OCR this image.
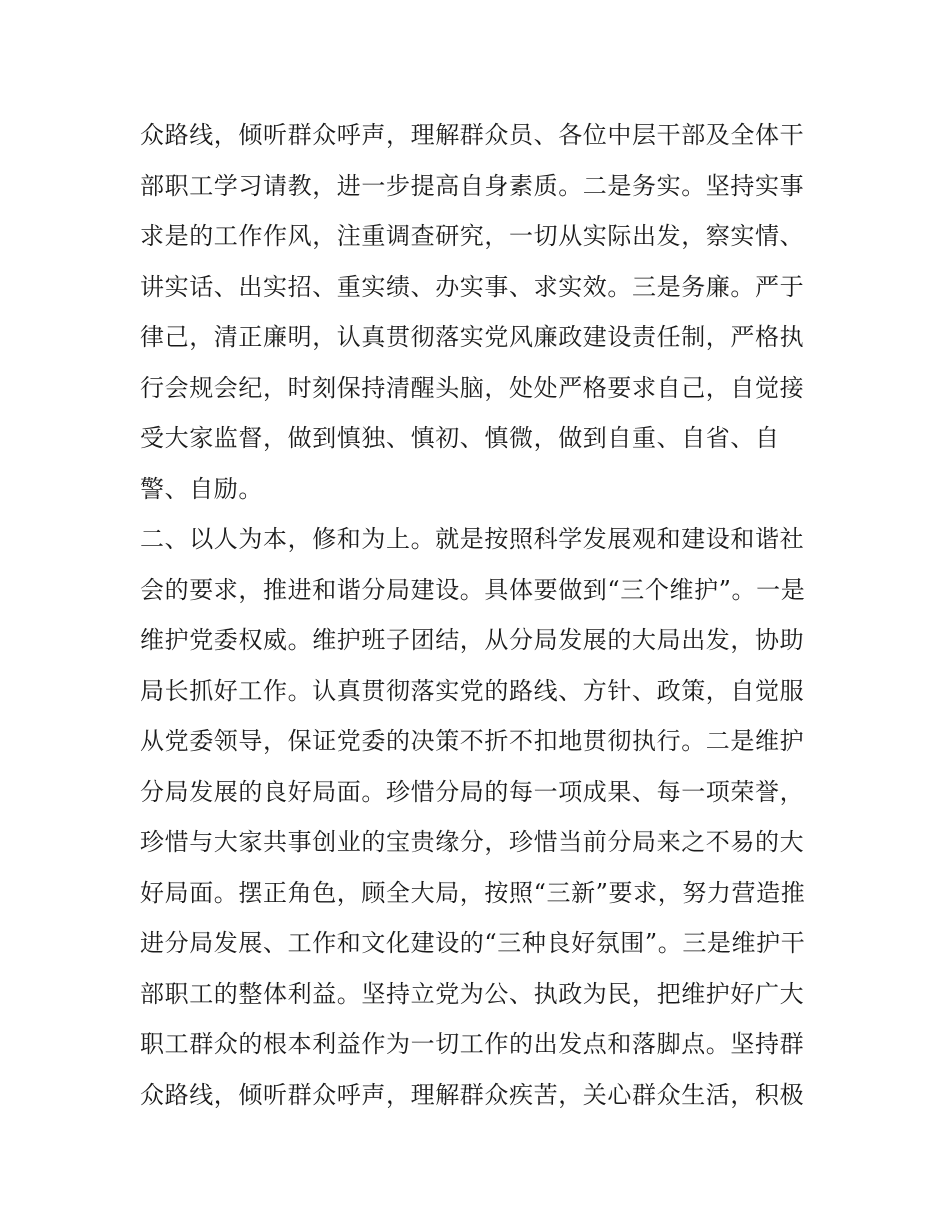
众路线，倾听群众呼声，理解群众员、各位中层干部及全体干
部职工学习请教，进一步提高自身素质。二是务实。坚持实事
求是的工作作风，注重调查研究，一切从实际出发，察实情、
讲实话、出实招、重实绩、办实事、求实效。三是务廉。严于
律己，清正廉明，认真贯彻落实党风廉政建设责任制，严格执
行会规会纪，时刻保持清醒头脑，处处严格要求自己，自觉接
受大家监督，做到慎独、慎初、慎微，做到自重、自省、自
警、自励。
二、以人为本，修和为上。就是按照科学发展观和建设和谐社
会的要求，推进和谐分局建设。具体要做到“三个维护”。一是
维护党委权威。维护班子团结，从分局发展的大局出发，协助
局长抓好工作。认真贯彻落实党的路线、方针、政策，自觉服
从党委领导，保证党委的决策不折不扣地贯彻执行。二是维护
分局发展的良好局面。珍惜分局的每一项成果、每一项荣誉，
珍惜与大家共事创业的宝贵缘分，珍惜当前分局来之不易的大
好局面。摆正角色，顾全大局，按照“三新”要求，努力营造推
进分局发展、工作和文化建设的“三种良好氛围”。三是维护干
部职工的整体利益。坚持立党为公、执政为民，把维护好广大
职工群众的根本利益作为一切工作的出发点和落脚点。坚持群
众路线，倾听群众呼声，理解群众疾苦，关心群众生活，积极
